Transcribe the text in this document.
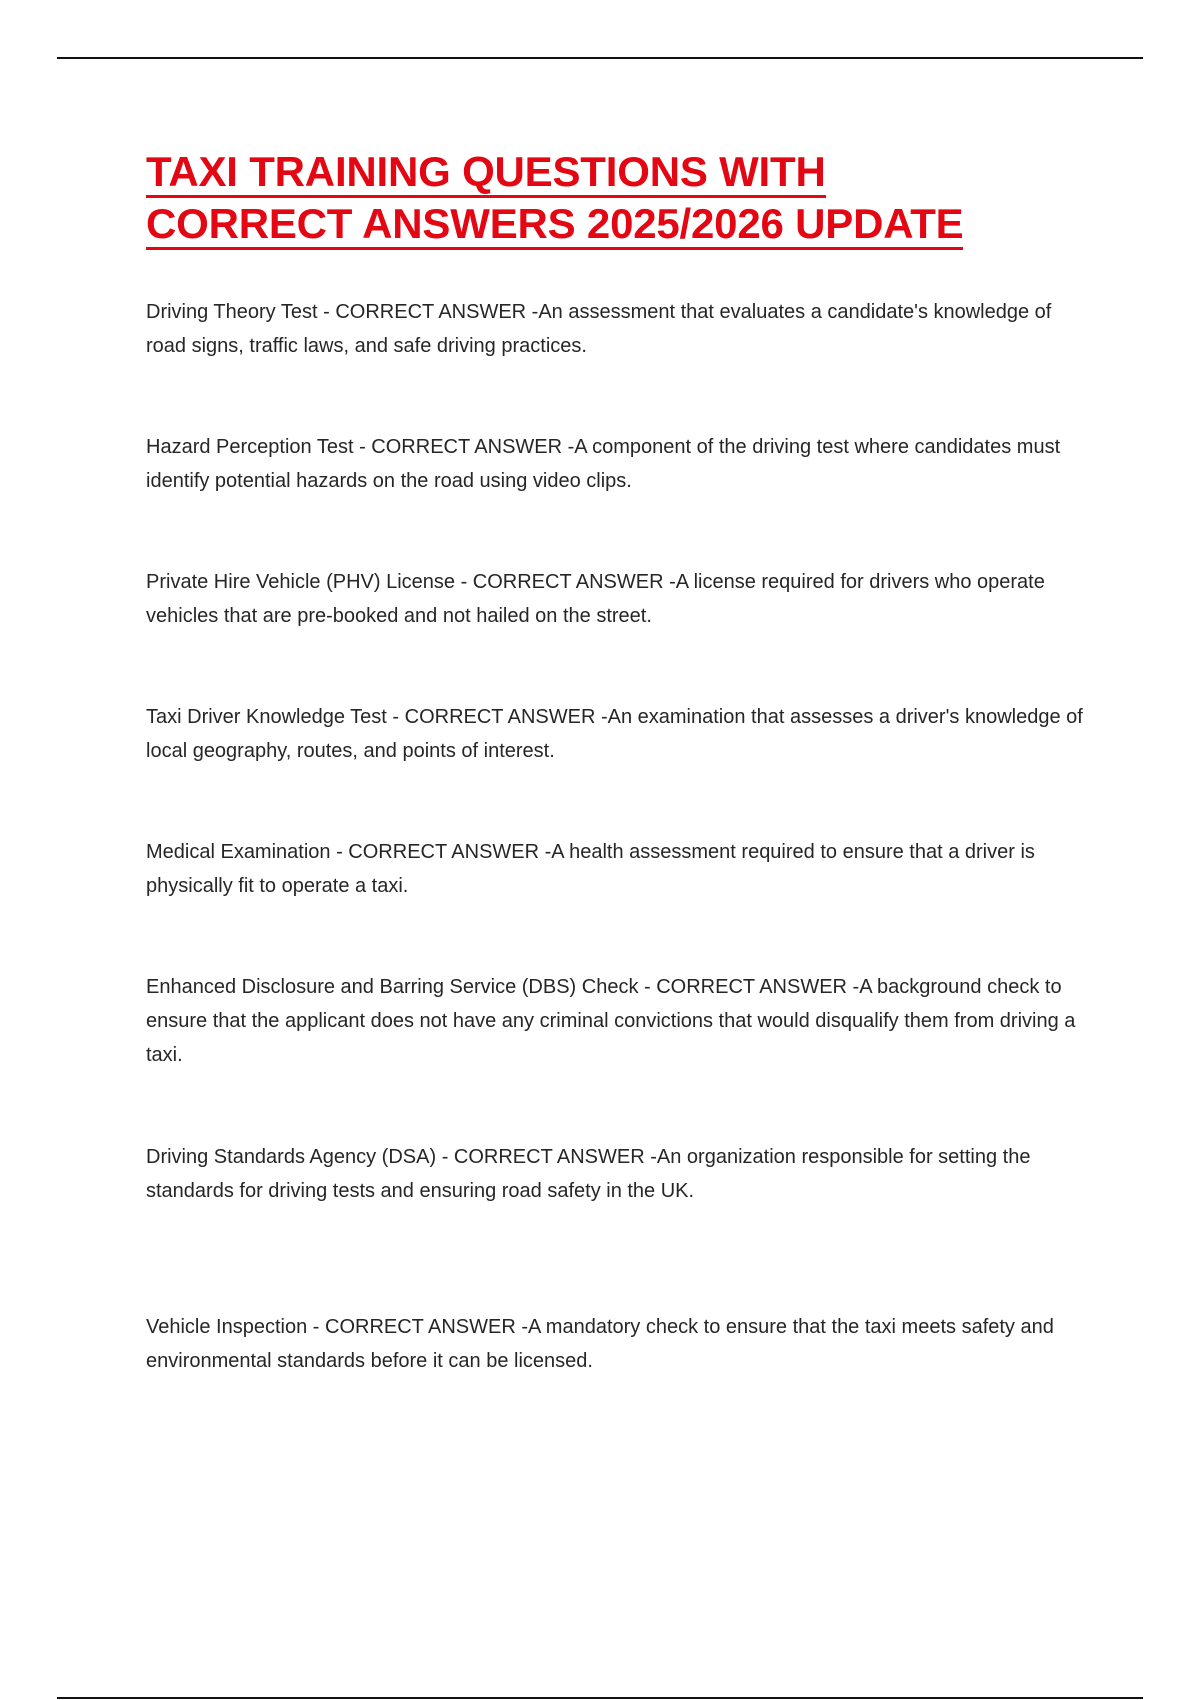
TAXI TRAINING QUESTIONS WITH
CORRECT ANSWERS 2025/2026 UPDATE

Driving Theory Test - CORRECT ANSWER -An assessment that evaluates a candidate's knowledge of road signs, traffic laws, and safe driving practices.

Hazard Perception Test - CORRECT ANSWER -A component of the driving test where candidates must identify potential hazards on the road using video clips.

Private Hire Vehicle (PHV) License - CORRECT ANSWER -A license required for drivers who operate vehicles that are pre-booked and not hailed on the street.

Taxi Driver Knowledge Test - CORRECT ANSWER -An examination that assesses a driver's knowledge of local geography, routes, and points of interest.

Medical Examination - CORRECT ANSWER -A health assessment required to ensure that a driver is physically fit to operate a taxi.

Enhanced Disclosure and Barring Service (DBS) Check - CORRECT ANSWER -A background check to ensure that the applicant does not have any criminal convictions that would disqualify them from driving a taxi.

Driving Standards Agency (DSA) - CORRECT ANSWER -An organization responsible for setting the standards for driving tests and ensuring road safety in the UK.

Vehicle Inspection - CORRECT ANSWER -A mandatory check to ensure that the taxi meets safety and environmental standards before it can be licensed.
